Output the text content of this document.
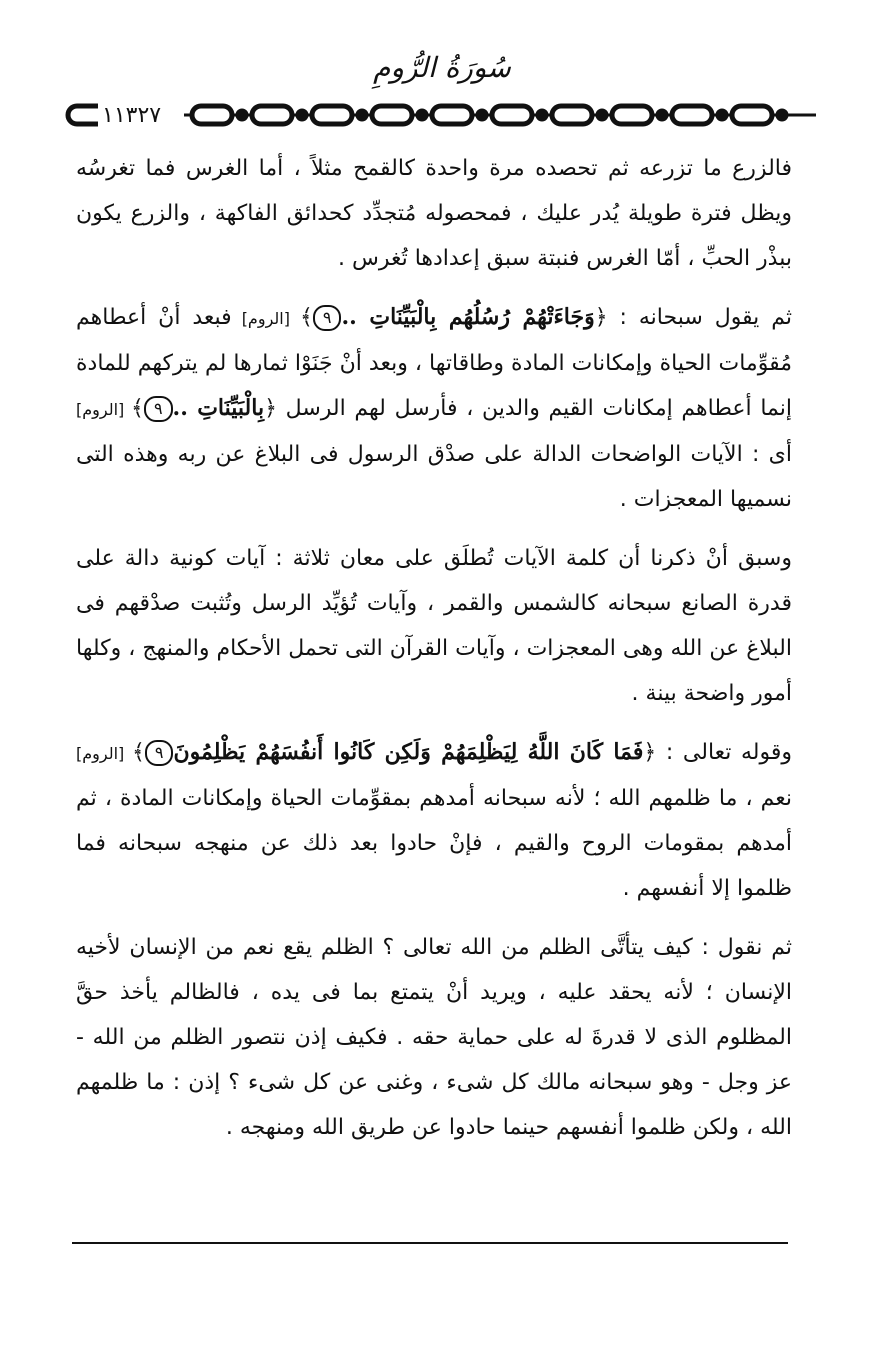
سُورَةُ الرُّومِ
١١٣٢٧

فالزرع ما تزرعه ثم تحصده مرة واحدة كالقمح مثلاً ، أما الغرس فما تغرسُه ويظل فترة طويلة يُدر عليك ، فمحصوله مُتجدِّد كحدائق الفاكهة ، والزرع يكون ببذْر الحبِّ ، أمّا الغرس فنبتة سبق إعدادها تُغرس .

ثم يقول سبحانه : ﴿وَجَاءَتْهُمْ رُسُلُهُم بِالْبَيِّنَاتِ ..٩﴾ [الروم] فبعد أنْ أعطاهم مُقوِّمات الحياة وإمكانات المادة وطاقاتها ، وبعد أنْ جَنَوْا ثمارها لم يتركهم للمادة إنما أعطاهم إمكانات القيم والدين ، فأرسل لهم الرسل ﴿بِالْبَيِّنَاتِ ..٩﴾ [الروم] أى : الآيات الواضحات الدالة على صدْق الرسول فى البلاغ عن ربه وهذه التى نسميها المعجزات .

وسبق أنْ ذكرنا أن كلمة الآيات تُطلَق على معان ثلاثة : آيات كونية دالة على قدرة الصانع سبحانه كالشمس والقمر ، وآيات تُؤيِّد الرسل وتُثبت صدْقهم فى البلاغ عن الله وهى المعجزات ، وآيات القرآن التى تحمل الأحكام والمنهج ، وكلها أمور واضحة بينة .

وقوله تعالى : ﴿فَمَا كَانَ اللَّهُ لِيَظْلِمَهُمْ وَلَكِن كَانُوا أَنفُسَهُمْ يَظْلِمُونَ٩﴾ [الروم] نعم ، ما ظلمهم الله ؛ لأنه سبحانه أمدهم بمقوِّمات الحياة وإمكانات المادة ، ثم أمدهم بمقومات الروح والقيم ، فإنْ حادوا بعد ذلك عن منهجه سبحانه فما ظلموا إلا أنفسهم .

ثم نقول : كيف يتأتَّى الظلم من الله تعالى ؟ الظلم يقع نعم من الإنسان لأخيه الإنسان ؛ لأنه يحقد عليه ، ويريد أنْ يتمتع بما فى يده ، فالظالم يأخذ حقَّ المظلوم الذى لا قدرةَ له على حماية حقه . فكيف إذن نتصور الظلم من الله - عز وجل - وهو سبحانه مالك كل شىء ، وغنى عن كل شىء ؟ إذن : ما ظلمهم الله ، ولكن ظلموا أنفسهم حينما حادوا عن طريق الله ومنهجه .
